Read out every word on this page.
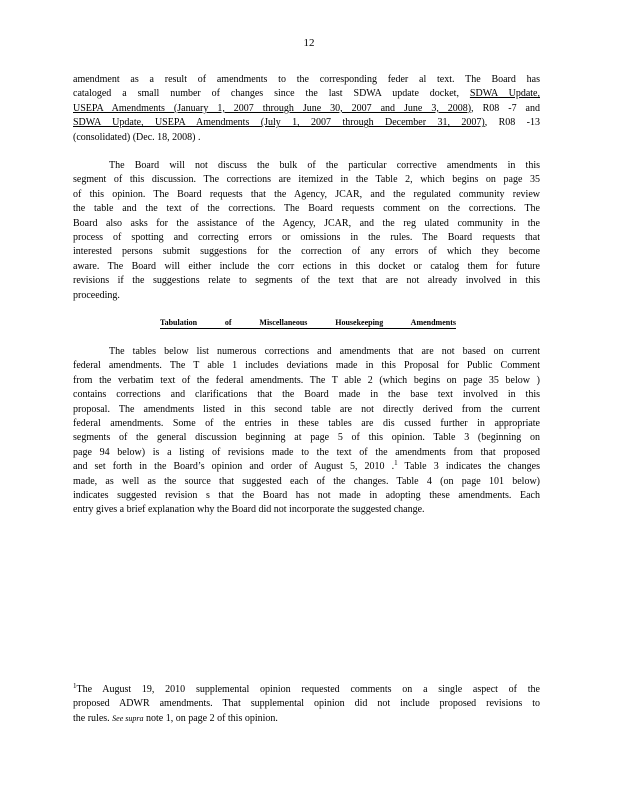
12
amendment as a result of amendments to the corresponding feder al text. The Board has
cataloged a small number of changes since the last SDWA update docket, SDWA Update,
USEPA Amendments (January 1, 2007 through June 30, 2007 and June 3, 2008), R08 -7 and
SDWA Update, USEPA Amendments (July 1, 2007 through December 31, 2007), R08 -13
(consolidated) (Dec. 18, 2008) .
The Board will not discuss the bulk of the particular corrective amendments in this
segment of this discussion. The corrections are itemized in the Table 2, which begins on page 35
of this opinion. The Board requests that the Agency, JCAR, and the regulated community review
the table and the text of the corrections. The Board requests comment on the corrections. The
Board also asks for the assistance of the Agency, JCAR, and the reg ulated community in the
process of spotting and correcting errors or omissions in the rules. The Board requests that
interested persons submit suggestions for the correction of any errors of which they become
aware. The Board will either include the corr ections in this docket or catalog them for future
revisions if the suggestions relate to segments of the text that are not already involved in this
proceeding.
Tabulation of Miscellaneous Housekeeping Amendments
The tables below list numerous corrections and amendments that are not based on current
federal amendments. The T able 1 includes deviations made in this Proposal for Public Comment
from the verbatim text of the federal amendments. The T able 2 (which begins on page 35 below )
contains corrections and clarifications that the Board made in the base text involved in this
proposal. The amendments listed in this second table are not directly derived from the current
federal amendments. Some of the entries in these tables are dis cussed further in appropriate
segments of the general discussion beginning at page 5 of this opinion. Table 3 (beginning on
page 94 below) is a listing of revisions made to the text of the amendments from that proposed
and set forth in the Board’s opinion and order of August 5, 2010 .$^1$ Table 3 indicates the changes
made, as well as the source that suggested each of the changes. Table 4 (on page 101 below)
indicates suggested revision s that the Board has not made in adopting these amendments. Each
entry gives a brief explanation why the Board did not incorporate the suggested change.
$^1$The August 19, 2010 supplemental opinion requested comments on a single aspect of the
proposed ADWR amendments. That supplemental opinion did not include proposed revisions to
the rules. See supra note 1, on page 2 of this opinion.
